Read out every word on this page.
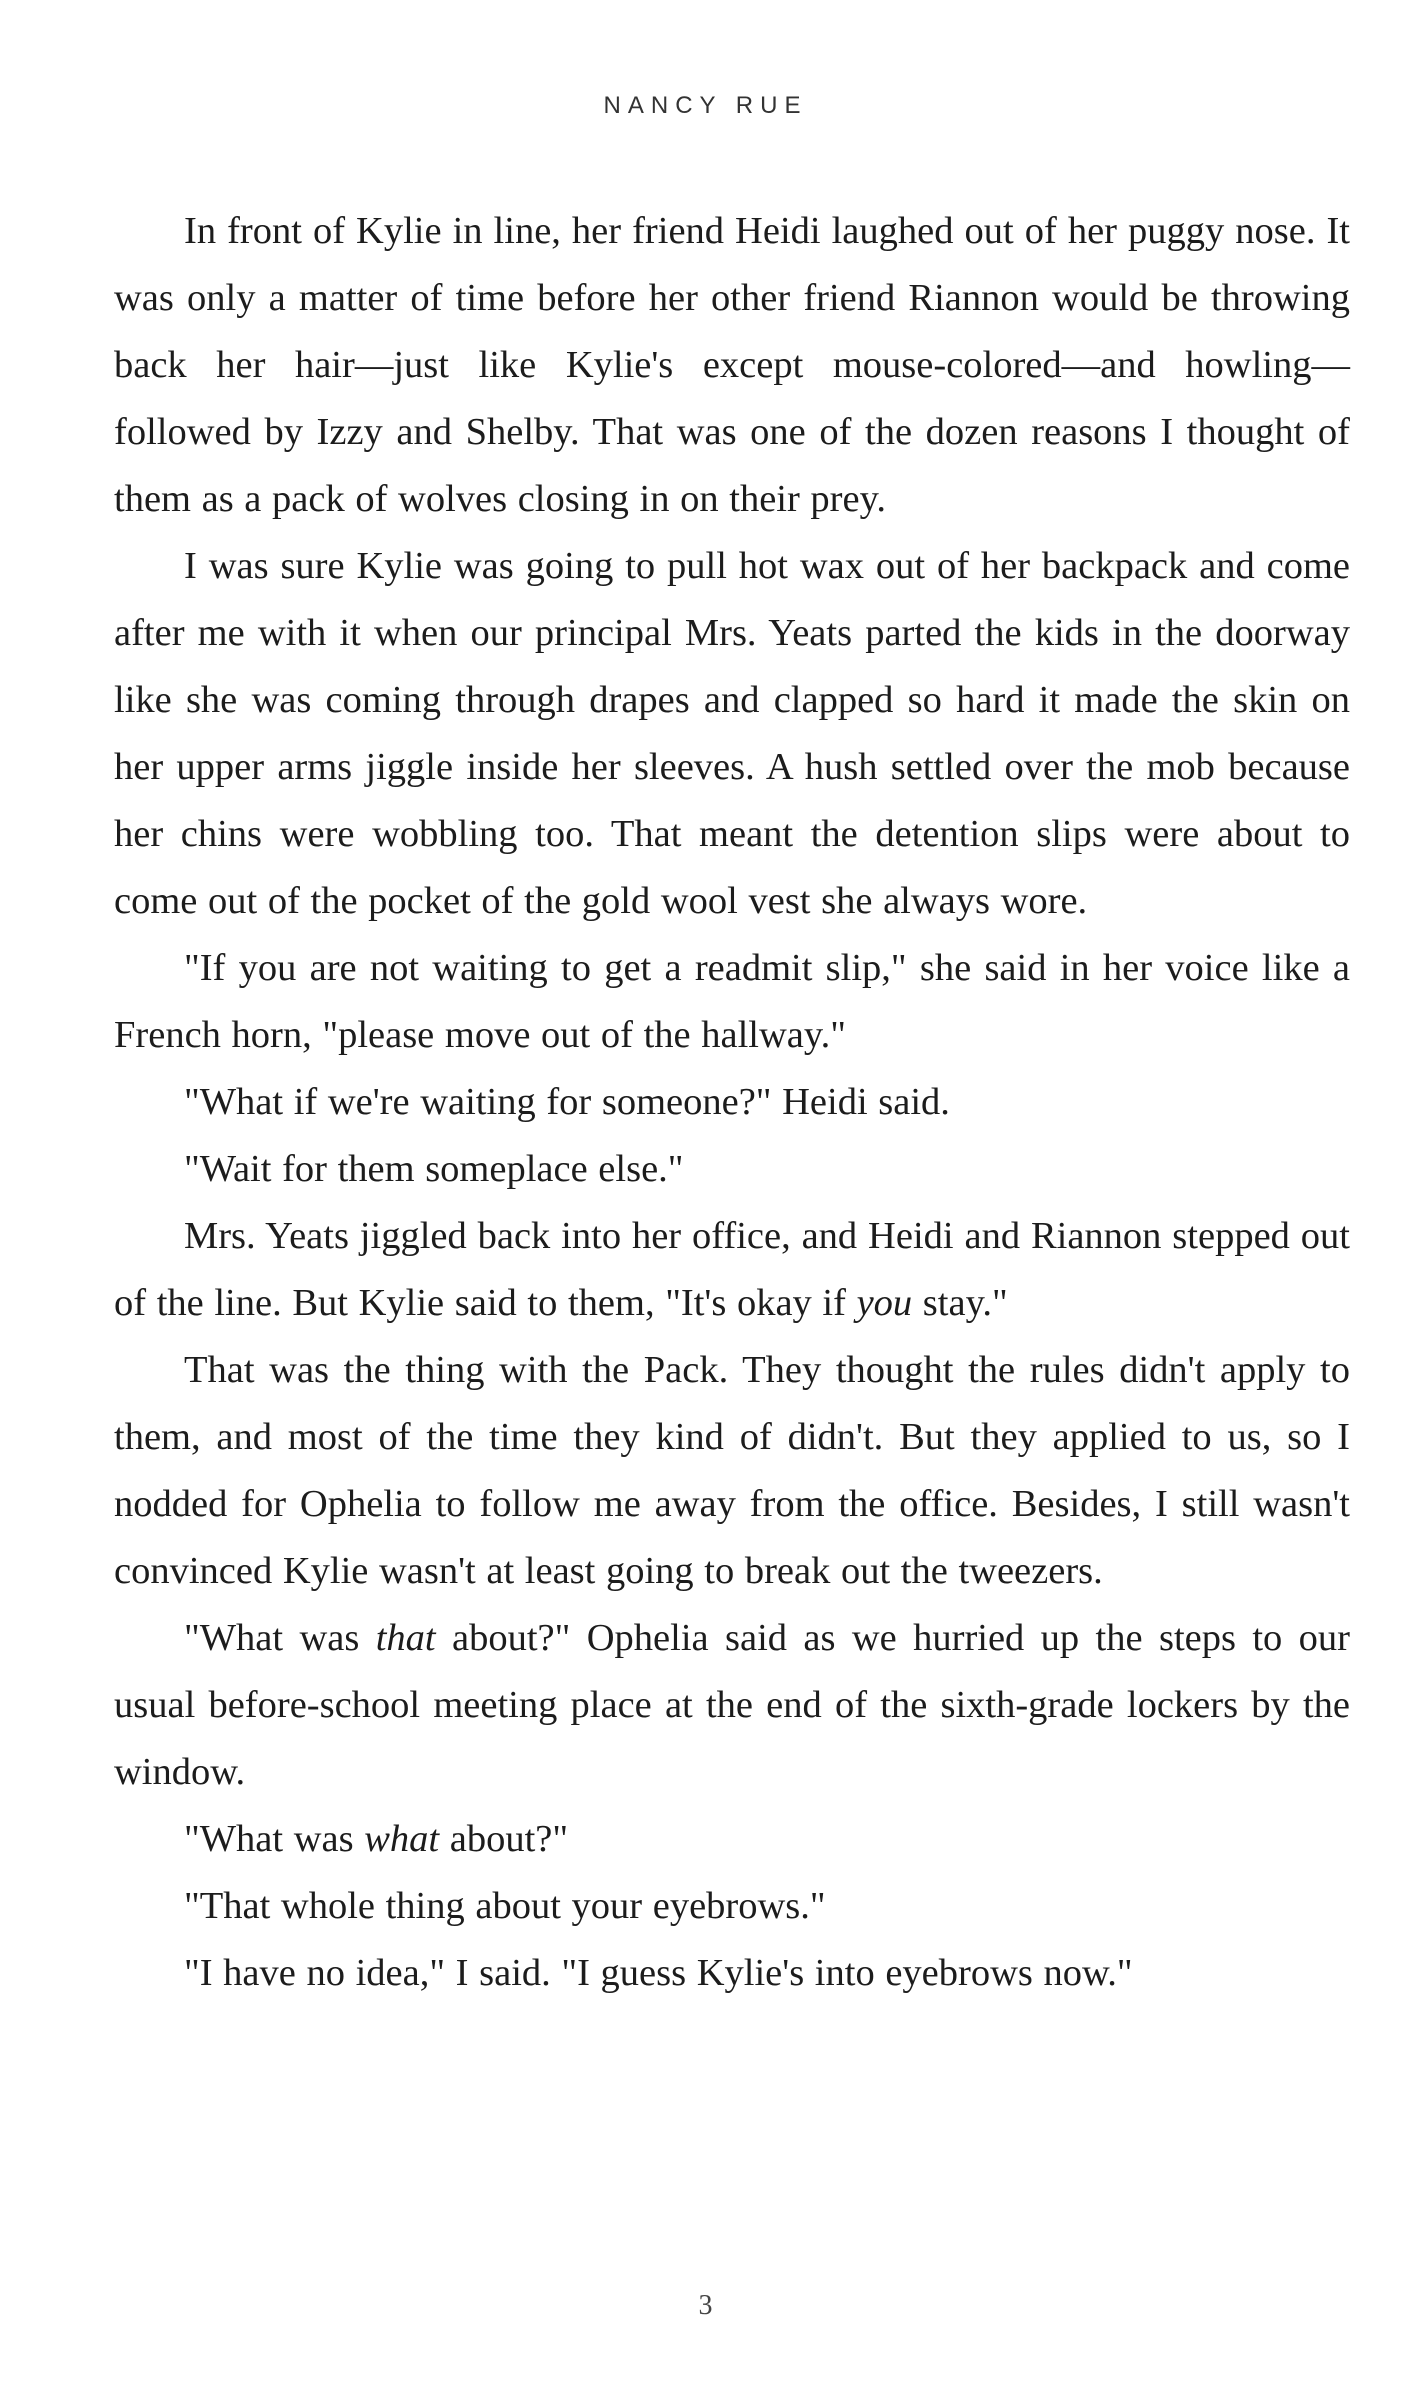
NANCY RUE

In front of Kylie in line, her friend Heidi laughed out of her puggy nose. It was only a matter of time before her other friend Riannon would be throwing back her hair—just like Kylie's except mouse-colored—and howling—followed by Izzy and Shelby. That was one of the dozen reasons I thought of them as a pack of wolves closing in on their prey.

I was sure Kylie was going to pull hot wax out of her backpack and come after me with it when our principal Mrs. Yeats parted the kids in the doorway like she was coming through drapes and clapped so hard it made the skin on her upper arms jiggle inside her sleeves. A hush settled over the mob because her chins were wobbling too. That meant the detention slips were about to come out of the pocket of the gold wool vest she always wore.

"If you are not waiting to get a readmit slip," she said in her voice like a French horn, "please move out of the hallway."

"What if we're waiting for someone?" Heidi said.

"Wait for them someplace else."

Mrs. Yeats jiggled back into her office, and Heidi and Riannon stepped out of the line. But Kylie said to them, "It's okay if you stay."

That was the thing with the Pack. They thought the rules didn't apply to them, and most of the time they kind of didn't. But they applied to us, so I nodded for Ophelia to follow me away from the office. Besides, I still wasn't convinced Kylie wasn't at least going to break out the tweezers.

"What was that about?" Ophelia said as we hurried up the steps to our usual before-school meeting place at the end of the sixth-grade lockers by the window.

"What was what about?"

"That whole thing about your eyebrows."

"I have no idea," I said. "I guess Kylie's into eyebrows now."

3
